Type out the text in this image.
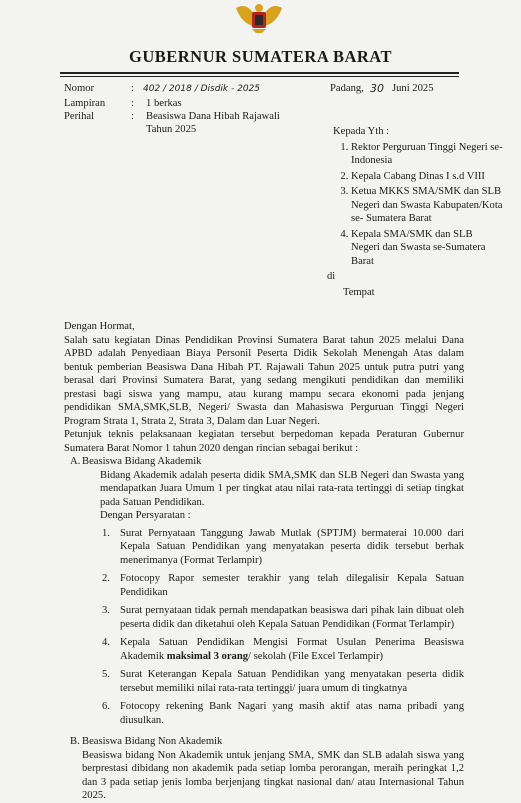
GUBERNUR SUMATERA BARAT
Nomor	: 402 / 2018 / Disdik - 2025
Lampiran : 1 berkas
Perihal	: Beasiswa Dana Hibah Rajawali
Tahun 2025
Padang, 30 Juni 2025
Kepada Yth :
1. Rektor Perguruan Tinggi Negeri se- Indonesia
2. Kepala Cabang Dinas I s.d VIII
3. Ketua MKKS SMA/SMK dan SLB Negeri dan Swasta Kabupaten/Kota se- Sumatera Barat
4. Kepala SMA/SMK dan SLB Negeri dan Swasta se-Sumatera Barat
di
Tempat

Dengan Hormat,

Salah satu kegiatan Dinas Pendidikan Provinsi Sumatera Barat tahun 2025 melalui Dana APBD adalah Penyediaan Biaya Personil Peserta Didik Sekolah Menengah Atas dalam bentuk pemberian Beasiswa Dana Hibah PT. Rajawali Tahun 2025 untuk putra putri yang berasal dari Provinsi Sumatera Barat, yang sedang mengikuti pendidikan dan memiliki prestasi bagi siswa yang mampu, atau kurang mampu secara ekonomi pada jenjang pendidikan SMA,SMK,SLB, Negeri/ Swasta dan Mahasiswa Perguruan Tinggi Negeri Program Strata 1, Strata 2, Strata 3, Dalam dan Luar Negeri.

Petunjuk teknis pelaksanaan kegiatan tersebut berpedoman kepada Peraturan Gubernur Sumatera Barat Nomor 1 tahun 2020 dengan rincian sebagai berikut :

A. Beasiswa Bidang Akademik

Bidang Akademik adalah peserta didik SMA,SMK dan SLB Negeri dan Swasta yang mendapatkan Juara Umum 1 per tingkat atau nilai rata-rata tertinggi di setiap tingkat pada Satuan Pendidikan.

Dengan Persyaratan :

1. Surat Pernyataan Tanggung Jawab Mutlak (SPTJM) bermaterai 10.000 dari Kepala Satuan Pendidikan yang menyatakan peserta didik tersebut berhak menerimanya (Format Terlampir)
2. Fotocopy Rapor semester terakhir yang telah dilegalisir Kepala Satuan Pendidikan
3. Surat pernyataan tidak pernah mendapatkan beasiswa dari pihak lain dibuat oleh peserta didik dan diketahui oleh Kepala Satuan Pendidikan (Format Terlampir)
4. Kepala Satuan Pendidikan Mengisi Format Usulan Penerima Beasiswa Akademik maksimal 3 orang/ sekolah (File Excel Terlampir)
5. Surat Keterangan Kepala Satuan Pendidikan yang menyatakan peserta didik tersebut memiliki nilai rata-rata tertinggi/ juara umum di tingkatnya
6. Fotocopy rekening Bank Nagari yang masih aktif atas nama pribadi yang diusulkan.
B. Beasiswa Bidang Non Akademik

Beasiswa bidang Non Akademik untuk jenjang SMA, SMK dan SLB adalah siswa yang berprestasi dibidang non akademik pada setiap lomba perorangan, meraih peringkat 1,2 dan 3 pada setiap jenis lomba berjenjang tingkat nasional dan/ atau Internasional Tahun 2025.
